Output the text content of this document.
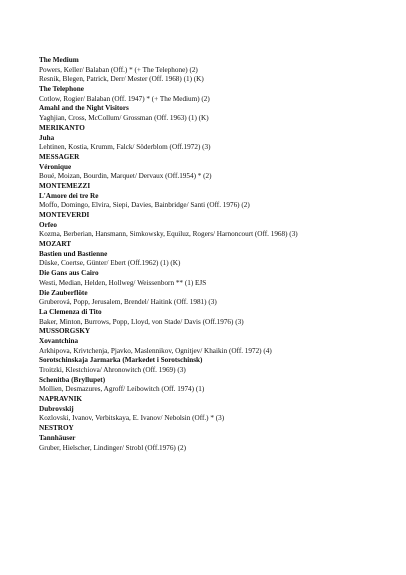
The Medium
Powers, Keller/ Balaban (Off.) * (+ The Telephone) (2)
Resnik, Blegen, Patrick, Derr/ Mester (Off. 1968) (1) (K)
The Telephone
Cotlow, Rogier/ Balaban (Off. 1947) * (+ The Medium) (2)
Amahl and the Night Visitors
Yaghjian, Cross, McCollum/ Grossman (Off. 1963) (1) (K)
MERIKANTO
Juha
Lehtinen, Kostia, Krumm, Falck/ Söderblom (Off.1972) (3)
MESSAGER
Véronique
Boué, Moizan, Bourdin, Marquet/ Dervaux (Off.1954) * (2)
MONTEMEZZI
L'Amore dei tre Re
Moffo, Domingo, Elvira, Siepi, Davies, Bainbridge/ Santi (Off. 1976) (2)
MONTEVERDI
Orfeo
Kozma, Berberian, Hansmann, Simkowsky, Equiluz, Rogers/ Harnoncourt (Off. 1968) (3)
MOZART
Bastien und Bastienne
Düske, Coertse, Günter/ Ebert (Off.1962) (1) (K)
Die Gans aus Cairo
Westi, Median, Helden, Hollweg/ Weissenborn ** (1) EJS
Die Zauberflöte
Gruberová, Popp, Jerusalem, Brendel/ Haitink (Off. 1981) (3)
La Clemenza di Tito
Baker, Minton, Burrows, Popp, Lloyd, von Stade/ Davis (Off.1976) (3)
MUSSORGSKY
Xovantchina
Arkhipova, Krivtchenja, Pjavko, Maslennikov, Ognitjev/ Khaikin (Off. 1972) (4)
Sorotschinskaja Jarmarka (Markedet i Sorotschinsk)
Troitzki, Klestchiova/ Ahronowitch (Off. 1969) (3)
Schenitba (Bryllupet)
Mollien, Desmazures, Agroff/ Leibowitch (Off. 1974) (1)
NAPRAVNIK
Dubrovskij
Kozlovski, Ivanov, Verbitskaya, E. Ivanov/ Nebolsin (Off.) * (3)
NESTROY
Tannhäuser
Gruber, Hielscher, Lindinger/ Strobl (Off.1976) (2)
